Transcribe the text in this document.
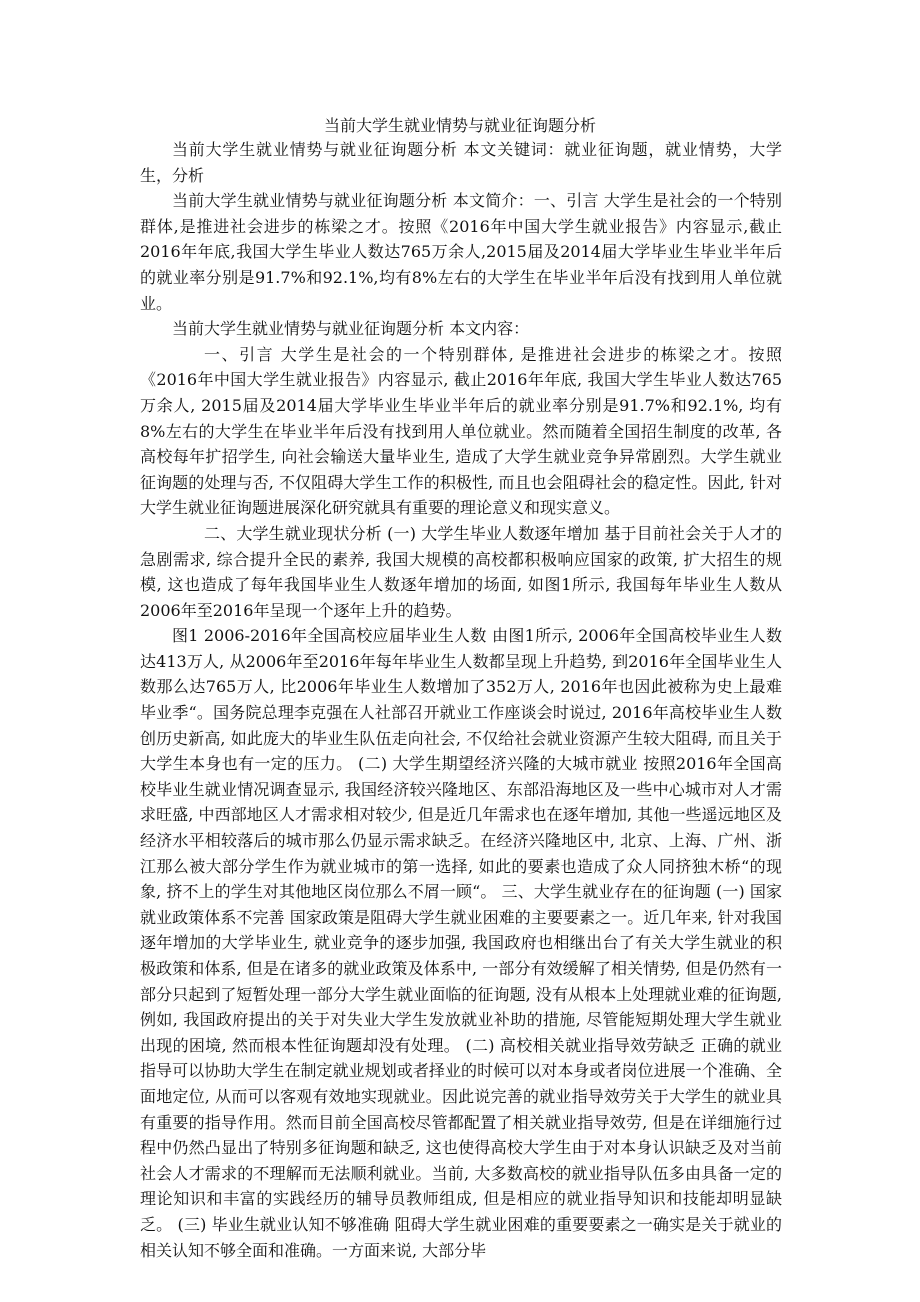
当前大学生就业情势与就业征询题分析

当前大学生就业情势与就业征询题分析 本文关键词：就业征询题，就业情势，大学生，分析

当前大学生就业情势与就业征询题分析 本文简介：一、引言 大学生是社会的一个特别群体,是推进社会进步的栋梁之才。按照《2016年中国大学生就业报告》内容显示,截止2016年年底,我国大学生毕业人数达765万余人,2015届及2014届大学毕业生毕业半年后的就业率分别是91.7%和92.1%,均有8%左右的大学生在毕业半年后没有找到用人单位就业。

当前大学生就业情势与就业征询题分析 本文内容：

一、引言 大学生是社会的一个特别群体, 是推进社会进步的栋梁之才。按照《2016年中国大学生就业报告》内容显示, 截止2016年年底, 我国大学生毕业人数达765万余人, 2015届及2014届大学毕业生毕业半年后的就业率分别是91.7%和92.1%, 均有8%左右的大学生在毕业半年后没有找到用人单位就业。然而随着全国招生制度的改革, 各高校每年扩招学生, 向社会输送大量毕业生, 造成了大学生就业竞争异常剧烈。大学生就业征询题的处理与否, 不仅阻碍大学生工作的积极性, 而且也会阻碍社会的稳定性。因此, 针对大学生就业征询题进展深化研究就具有重要的理论意义和现实意义。

二、大学生就业现状分析 (一) 大学生毕业人数逐年增加 基于目前社会关于人才的急剧需求, 综合提升全民的素养, 我国大规模的高校都积极响应国家的政策, 扩大招生的规模, 这也造成了每年我国毕业生人数逐年增加的场面, 如图1所示, 我国每年毕业生人数从2006年至2016年呈现一个逐年上升的趋势。

图1 2006-2016年全国高校应届毕业生人数 由图1所示, 2006年全国高校毕业生人数达413万人, 从2006年至2016年每年毕业生人数都呈现上升趋势, 到2016年全国毕业生人数那么达765万人, 比2006年毕业生人数增加了352万人, 2016年也因此被称为史上最难毕业季“。国务院总理李克强在人社部召开就业工作座谈会时说过, 2016年高校毕业生人数创历史新高, 如此庞大的毕业生队伍走向社会, 不仅给社会就业资源产生较大阻碍, 而且关于大学生本身也有一定的压力。 (二) 大学生期望经济兴隆的大城市就业 按照2016年全国高校毕业生就业情况调查显示, 我国经济较兴隆地区、东部沿海地区及一些中心城市对人才需求旺盛, 中西部地区人才需求相对较少, 但是近几年需求也在逐年增加, 其他一些遥远地区及经济水平相较落后的城市那么仍显示需求缺乏。在经济兴隆地区中, 北京、上海、广州、浙江那么被大部分学生作为就业城市的第一选择, 如此的要素也造成了众人同挤独木桥“的现象, 挤不上的学生对其他地区岗位那么不屑一顾“。 三、大学生就业存在的征询题 (一) 国家就业政策体系不完善 国家政策是阻碍大学生就业困难的主要要素之一。近几年来, 针对我国逐年增加的大学毕业生, 就业竞争的逐步加强, 我国政府也相继出台了有关大学生就业的积极政策和体系, 但是在诸多的就业政策及体系中, 一部分有效缓解了相关情势, 但是仍然有一部分只起到了短暂处理一部分大学生就业面临的征询题, 没有从根本上处理就业难的征询题, 例如, 我国政府提出的关于对失业大学生发放就业补助的措施, 尽管能短期处理大学生就业出现的困境, 然而根本性征询题却没有处理。 (二) 高校相关就业指导效劳缺乏 正确的就业指导可以协助大学生在制定就业规划或者择业的时候可以对本身或者岗位进展一个准确、全面地定位, 从而可以客观有效地实现就业。因此说完善的就业指导效劳关于大学生的就业具有重要的指导作用。然而目前全国高校尽管都配置了相关就业指导效劳, 但是在详细施行过程中仍然凸显出了特别多征询题和缺乏, 这也使得高校大学生由于对本身认识缺乏及对当前社会人才需求的不理解而无法顺利就业。当前, 大多数高校的就业指导队伍多由具备一定的理论知识和丰富的实践经历的辅导员教师组成, 但是相应的就业指导知识和技能却明显缺乏。 (三) 毕业生就业认知不够准确 阻碍大学生就业困难的重要要素之一确实是关于就业的相关认知不够全面和准确。一方面来说, 大部分毕
